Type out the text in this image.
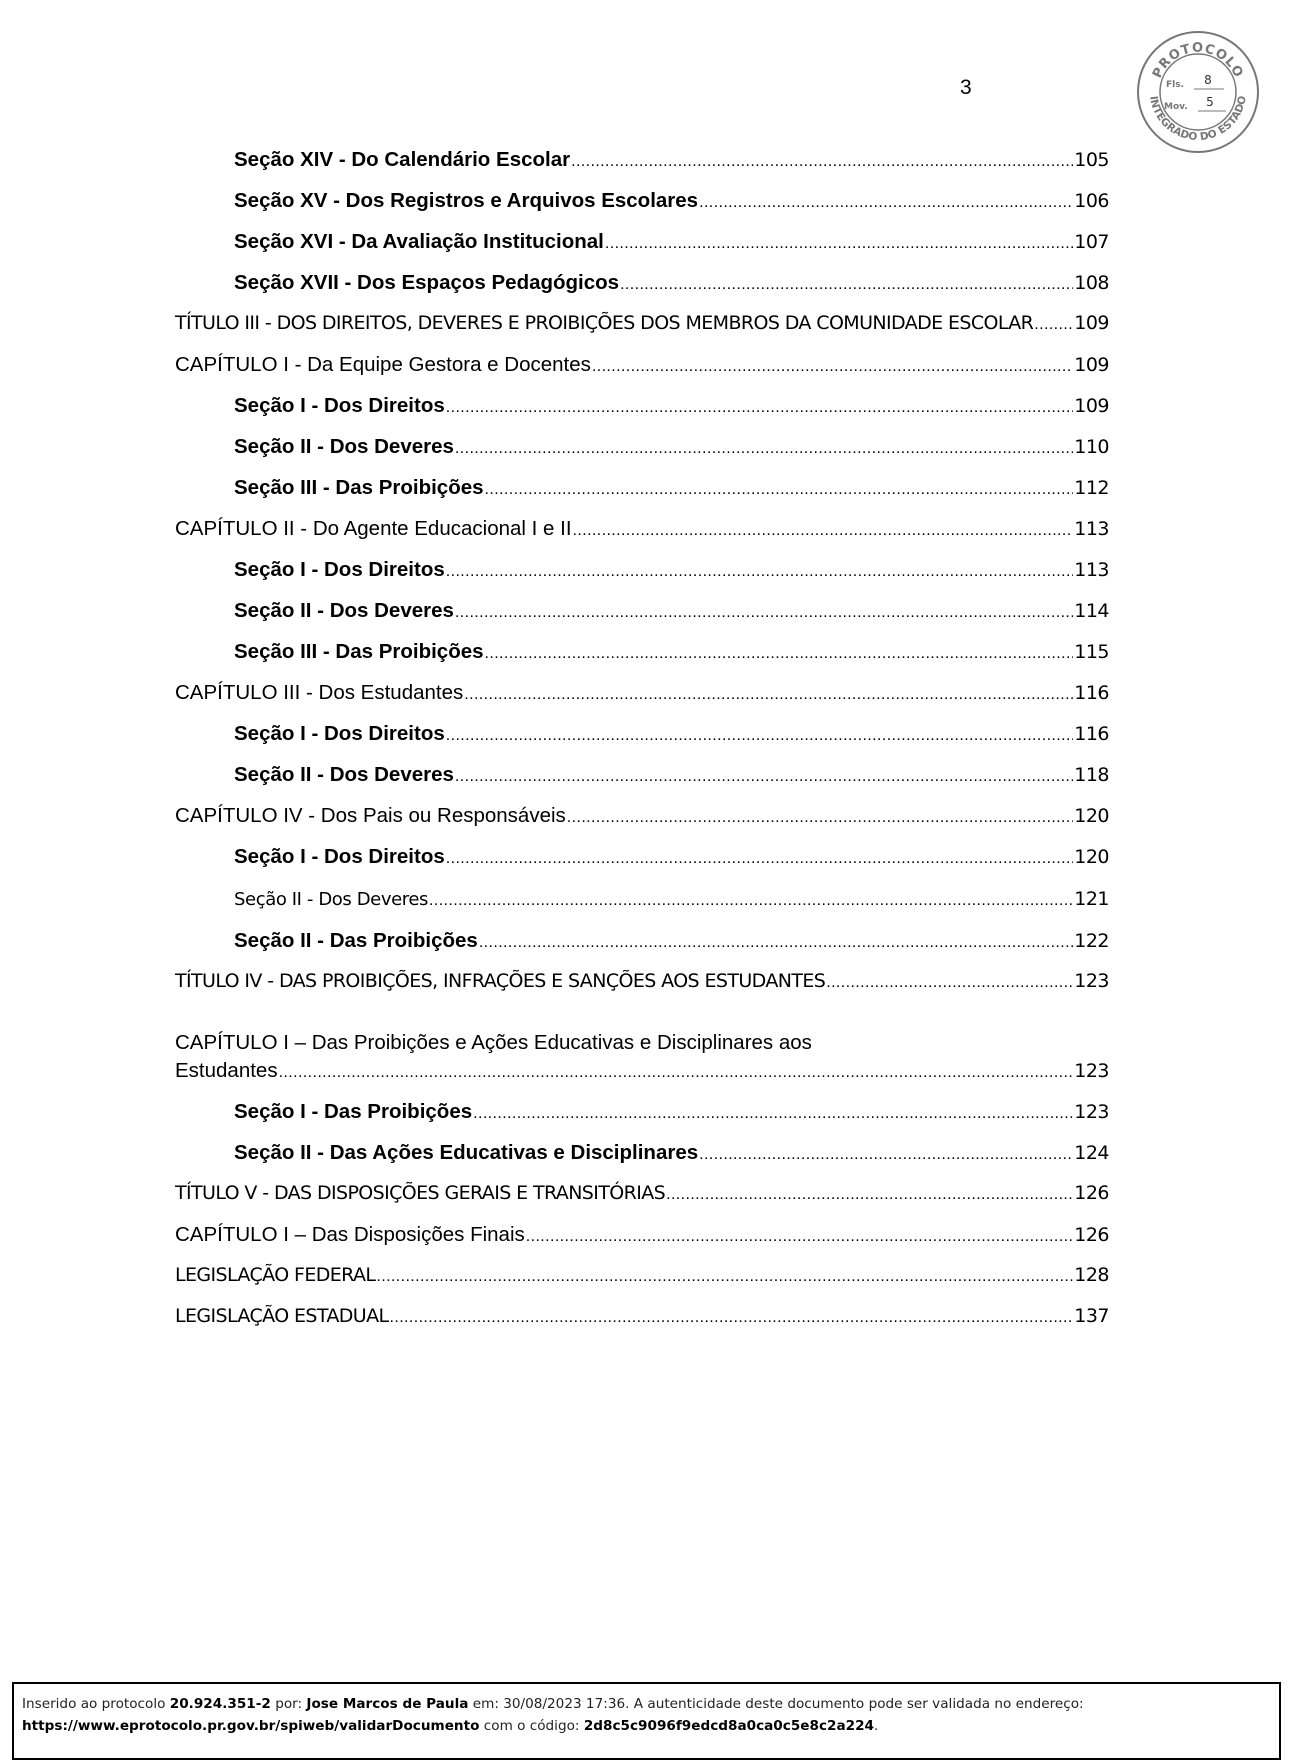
3
PROTOCOLO
INTEGRADO DO ESTADO
Fls. 8
Mov. 5
Seção XIV - Do Calendário Escolar .....	105
Seção XV - Dos Registros e Arquivos Escolares .....	106
Seção XVI - Da Avaliação Institucional .....	107
Seção XVII - Dos Espaços Pedagógicos .....	108
TÍTULO III - DOS DIREITOS, DEVERES E PROIBIÇÕES DOS MEMBROS DA COMUNIDADE ESCOLAR ..... 109
CAPÍTULO I - Da Equipe Gestora e Docentes .....	109
Seção I - Dos Direitos .....	109
Seção II - Dos Deveres .....	110
Seção III - Das Proibições .....	112
CAPÍTULO II - Do Agente Educacional I e II .....	113
Seção I - Dos Direitos .....	113
Seção II - Dos Deveres .....	114
Seção III - Das Proibições .....	115
CAPÍTULO III - Dos Estudantes .....	116
Seção I - Dos Direitos .....	116
Seção II - Dos Deveres .....	118
CAPÍTULO IV - Dos Pais ou Responsáveis .....	120
Seção I - Dos Direitos .....	120
Seção II - Dos Deveres .....	121
Seção II - Das Proibições .....	122
TÍTULO IV - DAS PROIBIÇÕES, INFRAÇÕES E SANÇÕES AOS ESTUDANTES .....	123
CAPÍTULO I – Das Proibições e Ações Educativas e Disciplinares aos
Estudantes .....	123
Seção I - Das Proibições .....	123
Seção II - Das Ações Educativas e Disciplinares .....	124
TÍTULO V - DAS DISPOSIÇÕES GERAIS E TRANSITÓRIAS .....	126
CAPÍTULO I – Das Disposições Finais .....	126
LEGISLAÇÃO FEDERAL .....	128
LEGISLAÇÃO ESTADUAL .....	137
Inserido ao protocolo 20.924.351-2 por: Jose Marcos de Paula em: 30/08/2023 17:36. A autenticidade deste documento pode ser validada no endereço:
https://www.eprotocolo.pr.gov.br/spiweb/validarDocumento com o código: 2d8c5c9096f9edcd8a0ca0c5e8c2a224.
